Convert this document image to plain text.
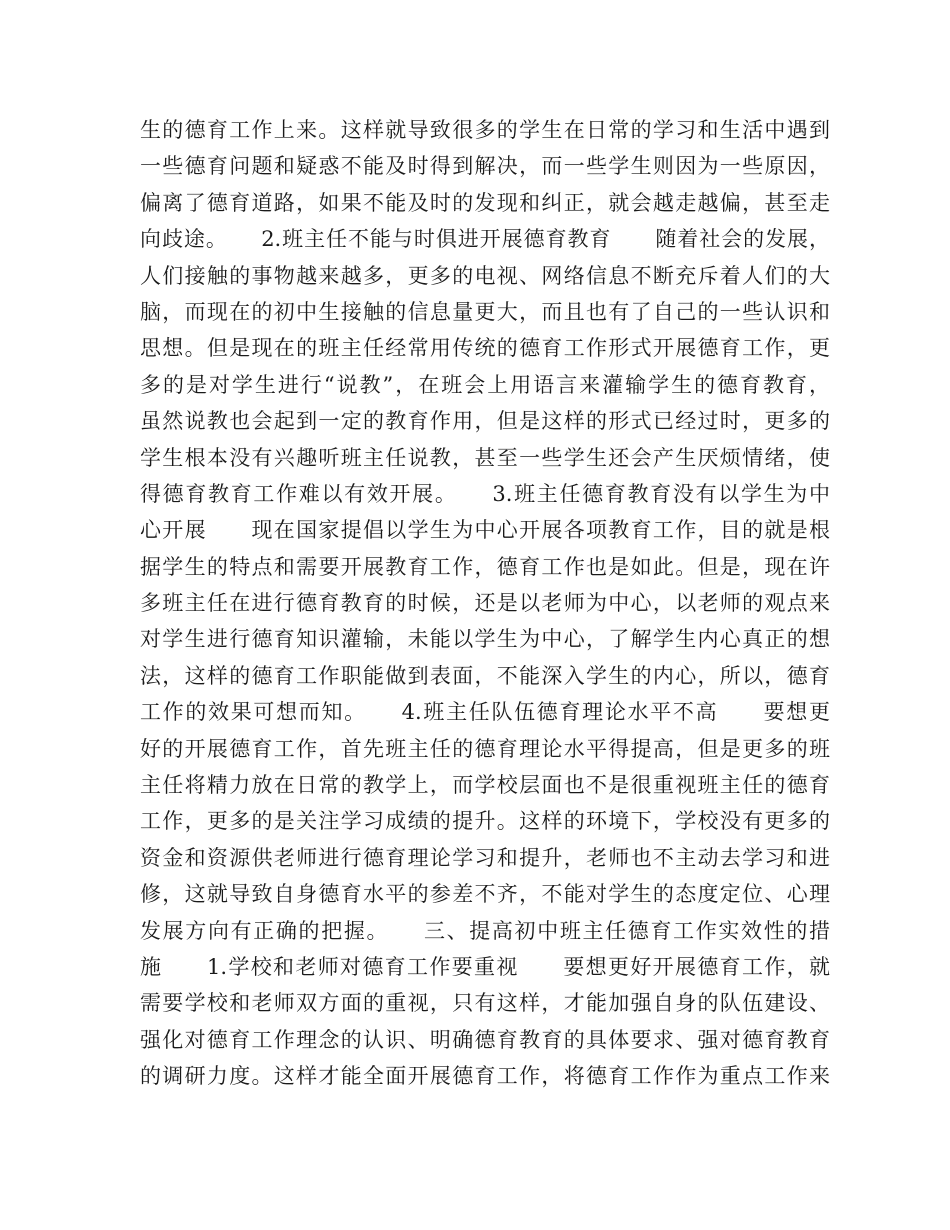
生的德育工作上来。这样就导致很多的学生在日常的学习和生活中遇到

一些德育问题和疑惑不能及时得到解决，而一些学生则因为一些原因，

偏离了德育道路，如果不能及时的发现和纠正，就会越走越偏，甚至走

向歧途。　　2.班主任不能与时俱进开展德育教育　　随着社会的发展，

人们接触的事物越来越多，更多的电视、网络信息不断充斥着人们的大

脑，而现在的初中生接触的信息量更大，而且也有了自己的一些认识和

思想。但是现在的班主任经常用传统的德育工作形式开展德育工作，更

多的是对学生进行“说教”，在班会上用语言来灌输学生的德育教育，

虽然说教也会起到一定的教育作用，但是这样的形式已经过时，更多的

学生根本没有兴趣听班主任说教，甚至一些学生还会产生厌烦情绪，使

得德育教育工作难以有效开展。　　3.班主任德育教育没有以学生为中

心开展　　现在国家提倡以学生为中心开展各项教育工作，目的就是根

据学生的特点和需要开展教育工作，德育工作也是如此。但是，现在许

多班主任在进行德育教育的时候，还是以老师为中心，以老师的观点来

对学生进行德育知识灌输，未能以学生为中心，了解学生内心真正的想

法，这样的德育工作职能做到表面，不能深入学生的内心，所以，德育

工作的效果可想而知。　　4.班主任队伍德育理论水平不高　　要想更

好的开展德育工作，首先班主任的德育理论水平得提高，但是更多的班

主任将精力放在日常的教学上，而学校层面也不是很重视班主任的德育

工作，更多的是关注学习成绩的提升。这样的环境下，学校没有更多的

资金和资源供老师进行德育理论学习和提升，老师也不主动去学习和进

修，这就导致自身德育水平的参差不齐，不能对学生的态度定位、心理

发展方向有正确的把握。　　三、提高初中班主任德育工作实效性的措

施　　1.学校和老师对德育工作要重视　　要想更好开展德育工作，就

需要学校和老师双方面的重视，只有这样，才能加强自身的队伍建设、

强化对德育工作理念的认识、明确德育教育的具体要求、强对德育教育

的调研力度。这样才能全面开展德育工作，将德育工作作为重点工作来
